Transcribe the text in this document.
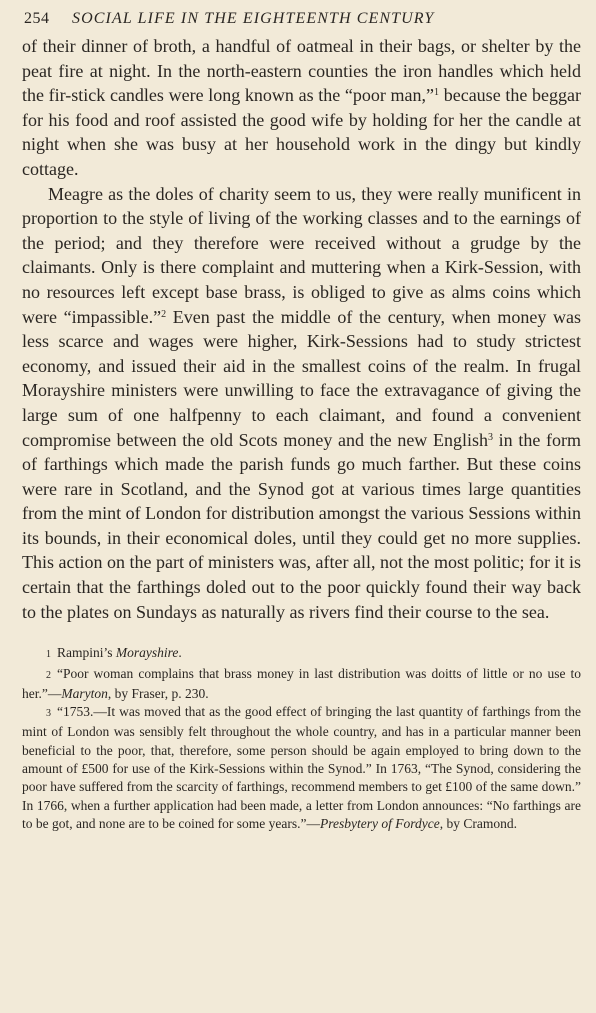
254 SOCIAL LIFE IN THE EIGHTEENTH CENTURY

of their dinner of broth, a handful of oatmeal in their bags, or shelter by the peat fire at night. In the north-eastern counties the iron handles which held the fir-stick candles were long known as the “poor man,”$^1$ because the beggar for his food and roof assisted the good wife by holding for her the candle at night when she was busy at her household work in the dingy but kindly cottage.

Meagre as the doles of charity seem to us, they were really munificent in proportion to the style of living of the working classes and to the earnings of the period; and they therefore were received without a grudge by the claimants. Only is there complaint and muttering when a Kirk-Session, with no resources left except base brass, is obliged to give as alms coins which were “impassible.”$^2$ Even past the middle of the century, when money was less scarce and wages were higher, Kirk-Sessions had to study strictest economy, and issued their aid in the smallest coins of the realm. In frugal Morayshire ministers were unwilling to face the extravagance of giving the large sum of one halfpenny to each claimant, and found a convenient compromise between the old Scots money and the new English$^3$ in the form of farthings which made the parish funds go much farther. But these coins were rare in Scotland, and the Synod got at various times large quantities from the mint of London for distribution amongst the various Sessions within its bounds, in their economical doles, until they could get no more supplies. This action on the part of ministers was, after all, not the most politic; for it is certain that the farthings doled out to the poor quickly found their way back to the plates on Sundays as naturally as rivers find their course to the sea.

1 Rampini’s Morayshire.

2 “Poor woman complains that brass money in last distribution was doitts of little or no use to her.”—Maryton, by Fraser, p. 230.

3 “1753.—It was moved that as the good effect of bringing the last quantity of farthings from the mint of London was sensibly felt throughout the whole country, and has in a particular manner been beneficial to the poor, that, therefore, some person should be again employed to bring down to the amount of £500 for use of the Kirk-Sessions within the Synod.” In 1763, “The Synod, considering the poor have suffered from the scarcity of farthings, recommend members to get £100 of the same down.” In 1766, when a further application had been made, a letter from London announces: “No farthings are to be got, and none are to be coined for some years.”—Presbytery of Fordyce, by Cramond.
